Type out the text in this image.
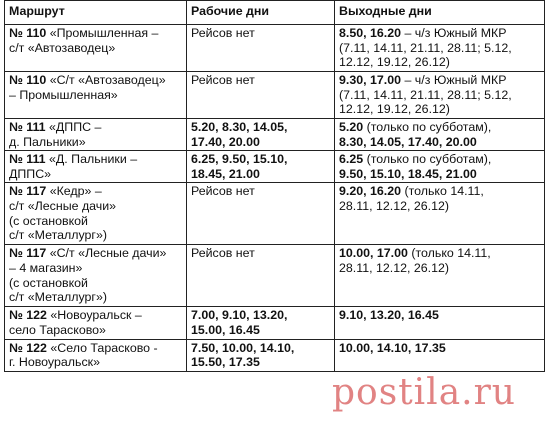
Маршрут	Рабочие дни	Выходные дни

№ 110 «Промышленная –
с/т «Автозаводец»	Рейсов нет	8.50, 16.20 – ч/з Южный МКР
(7.11, 14.11, 21.11, 28.11; 5.12,
12.12, 19.12, 26.12)

№ 110 «С/т «Автозаводец»
– Промышленная»	Рейсов нет	9.30, 17.00 – ч/з Южный МКР
(7.11, 14.11, 21.11, 28.11; 5.12,
12.12, 19.12, 26.12)

№ 111 «ДППС –
д. Пальники»	5.20, 8.30, 14.05,
17.40, 20.00	5.20 (только по субботам),
8.30, 14.05, 17.40, 20.00

№ 111 «Д. Пальники –
ДППС»	6.25, 9.50, 15.10,
18.45, 21.00	6.25 (только по субботам),
9.50, 15.10, 18.45, 21.00

№ 117 «Кедр» –
с/т «Лесные дачи»
(с остановкой
с/т «Металлург»)	Рейсов нет	9.20, 16.20 (только 14.11,
28.11, 12.12, 26.12)

№ 117 «С/т «Лесные дачи»
– 4 магазин»
(с остановкой
с/т «Металлург»)	Рейсов нет	10.00, 17.00 (только 14.11,
28.11, 12.12, 26.12)

№ 122 «Новоуральск –
село Тарасково»	7.00, 9.10, 13.20,
15.00, 16.45	9.10, 13.20, 16.45

№ 122 «Село Тарасково -
г. Новоуральск»	7.50, 10.00, 14.10,
15.50, 17.35	10.00, 14.10, 17.35
postila.ru
